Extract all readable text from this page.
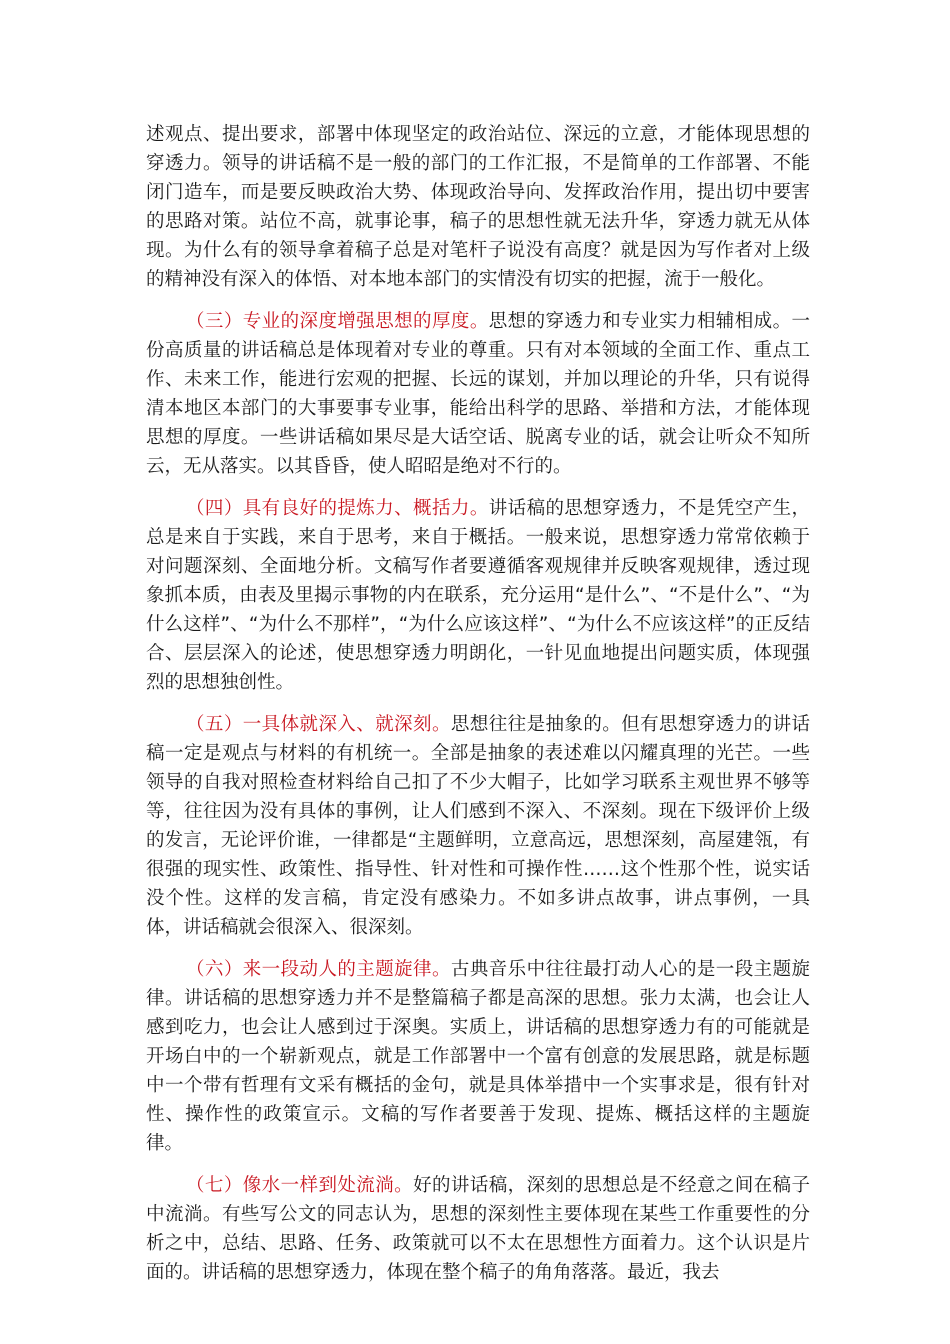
述观点、提出要求，部署中体现坚定的政治站位、深远的立意，才能体现思想的穿透力。领导的讲话稿不是一般的部门的工作汇报，不是简单的工作部署、不能闭门造车，而是要反映政治大势、体现政治导向、发挥政治作用，提出切中要害的思路对策。站位不高，就事论事，稿子的思想性就无法升华，穿透力就无从体现。为什么有的领导拿着稿子总是对笔杆子说没有高度？就是因为写作者对上级的精神没有深入的体悟、对本地本部门的实情没有切实的把握，流于一般化。

（三）专业的深度增强思想的厚度。思想的穿透力和专业实力相辅相成。一份高质量的讲话稿总是体现着对专业的尊重。只有对本领域的全面工作、重点工作、未来工作，能进行宏观的把握、长远的谋划，并加以理论的升华，只有说得清本地区本部门的大事要事专业事，能给出科学的思路、举措和方法，才能体现思想的厚度。一些讲话稿如果尽是大话空话、脱离专业的话，就会让听众不知所云，无从落实。以其昏昏，使人昭昭是绝对不行的。

（四）具有良好的提炼力、概括力。讲话稿的思想穿透力，不是凭空产生，总是来自于实践，来自于思考，来自于概括。一般来说，思想穿透力常常依赖于对问题深刻、全面地分析。文稿写作者要遵循客观规律并反映客观规律，透过现象抓本质，由表及里揭示事物的内在联系，充分运用“是什么”、“不是什么”、“为什么这样”、“为什么不那样”，“为什么应该这样”、“为什么不应该这样”的正反结合、层层深入的论述，使思想穿透力明朗化，一针见血地提出问题实质，体现强烈的思想独创性。

（五）一具体就深入、就深刻。思想往往是抽象的。但有思想穿透力的讲话稿一定是观点与材料的有机统一。全部是抽象的表述难以闪耀真理的光芒。一些领导的自我对照检查材料给自己扣了不少大帽子，比如学习联系主观世界不够等等，往往因为没有具体的事例，让人们感到不深入、不深刻。现在下级评价上级的发言，无论评价谁，一律都是“主题鲜明，立意高远，思想深刻，高屋建瓴，有很强的现实性、政策性、指导性、针对性和可操作性……这个性那个性，说实话没个性。这样的发言稿，肯定没有感染力。不如多讲点故事，讲点事例，一具体，讲话稿就会很深入、很深刻。

（六）来一段动人的主题旋律。古典音乐中往往最打动人心的是一段主题旋律。讲话稿的思想穿透力并不是整篇稿子都是高深的思想。张力太满，也会让人感到吃力，也会让人感到过于深奥。实质上，讲话稿的思想穿透力有的可能就是开场白中的一个崭新观点，就是工作部署中一个富有创意的发展思路，就是标题中一个带有哲理有文采有概括的金句，就是具体举措中一个实事求是，很有针对性、操作性的政策宣示。文稿的写作者要善于发现、提炼、概括这样的主题旋律。

（七）像水一样到处流淌。好的讲话稿，深刻的思想总是不经意之间在稿子中流淌。有些写公文的同志认为，思想的深刻性主要体现在某些工作重要性的分析之中，总结、思路、任务、政策就可以不太在思想性方面着力。这个认识是片面的。讲话稿的思想穿透力，体现在整个稿子的角角落落。最近，我去
